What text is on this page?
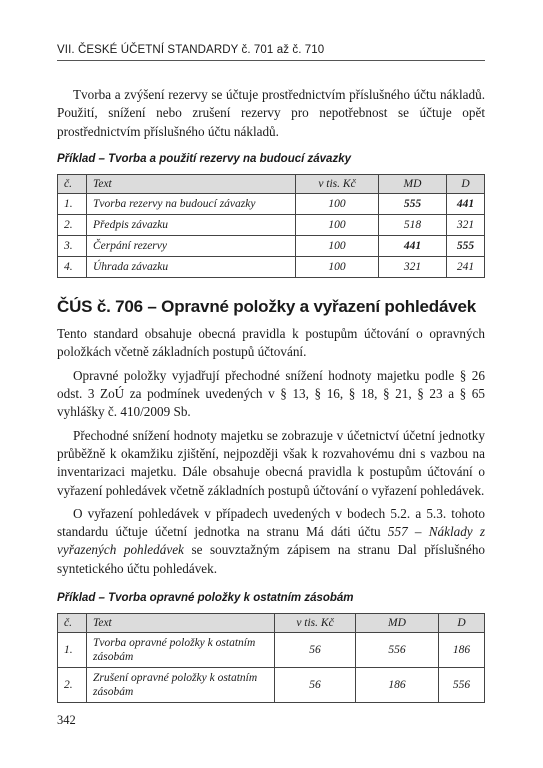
VII. ČESKÉ ÚČETNÍ STANDARDY č. 701 až č. 710

Tvorba a zvýšení rezervy se účtuje prostřednictvím příslušného účtu nákladů. Použití, snížení nebo zrušení rezervy pro nepotřebnost se účtuje opět prostřednictvím příslušného účtu nákladů.

Příklad – Tvorba a použití rezervy na budoucí závazky

č.	Text	v tis. Kč	MD	D
1.	Tvorba rezervy na budoucí závazky	100	555	441
2.	Předpis závazku	100	518	321
3.	Čerpání rezervy	100	441	555
4.	Úhrada závazku	100	321	241
ČÚS č. 706 – Opravné položky a vyřazení pohledávek

Tento standard obsahuje obecná pravidla k postupům účtování o opravných položkách včetně základních postupů účtování.

Opravné položky vyjadřují přechodné snížení hodnoty majetku podle § 26 odst. 3 ZoÚ za podmínek uvedených v § 13, § 16, § 18, § 21, § 23 a § 65 vyhlášky č. 410/2009 Sb.

Přechodné snížení hodnoty majetku se zobrazuje v účetnictví účetní jednotky průběžně k okamžiku zjištění, nejpozději však k rozvahovému dni s vazbou na inventarizaci majetku. Dále obsahuje obecná pravidla k postupům účtování o vyřazení pohledávek včetně základních postupů účtování o vyřazení pohledávek.

O vyřazení pohledávek v případech uvedených v bodech 5.2. a 5.3. tohoto standardu účtuje účetní jednotka na stranu Má dáti účtu 557 – Náklady z vyřazených pohledávek se souvztažným zápisem na stranu Dal příslušného syntetického účtu pohledávek.

Příklad – Tvorba opravné položky k ostatním zásobám

č.	Text	v tis. Kč	MD	D
1.	Tvorba opravné položky k ostatním zásobám	56	556	186
2.	Zrušení opravné položky k ostatním zásobám	56	186	556
342
